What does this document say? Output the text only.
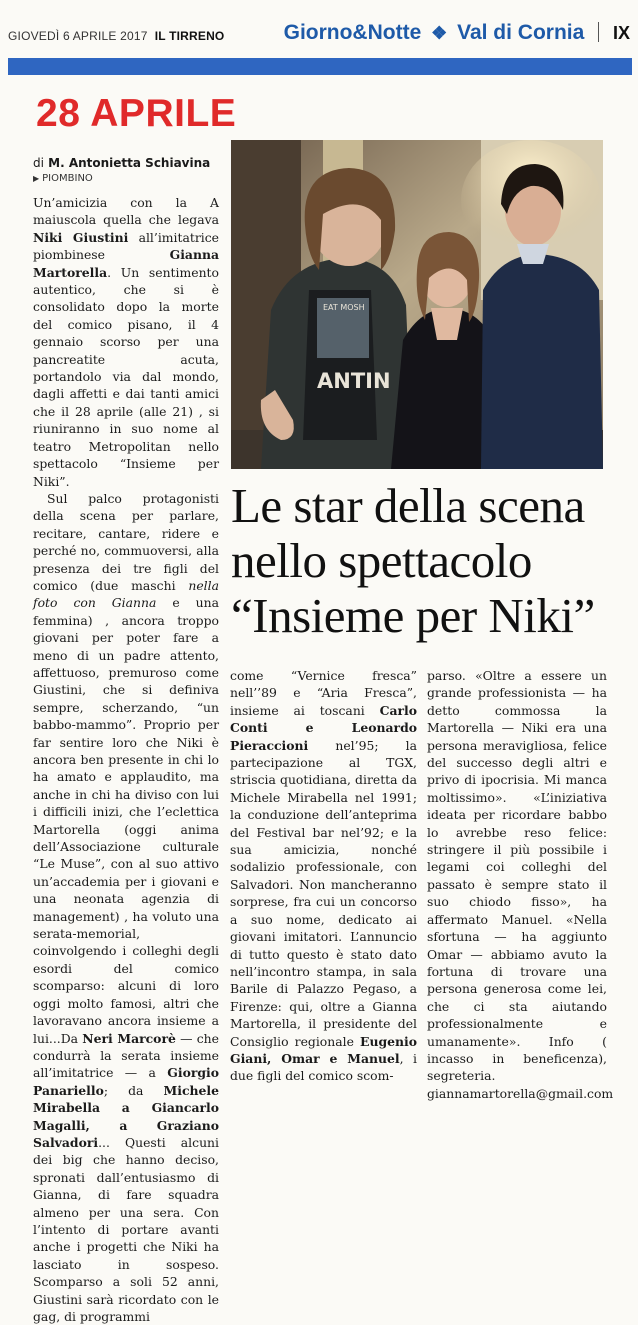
GIOVEDÌ 6 APRILE 2017 IL TIRRENO	Giorno&Notte ❖ Val di Cornia IX
28 APRILE
di M. Antonietta Schiavina
▶ PIOMBINO

Un’amicizia con la A maiuscola quella che legava Niki Giustini all’imitatrice piombinese Gianna Martorella. Un sentimento autentico, che si è consolidato dopo la morte del comico pisano, il 4 gennaio scorso per una pancreatite acuta, portandolo via dal mondo, dagli affetti e dai tanti amici che il 28 aprile (alle 21) , si riuniranno in suo nome al teatro Metropolitan nello spettacolo “Insieme per Niki”.

Sul palco protagonisti della scena per parlare, recitare, cantare, ridere e perché no, commuoversi, alla presenza dei tre figli del comico (due maschi nella foto con Gianna e una femmina) , ancora troppo giovani per poter fare a meno di un padre attento, affettuoso, premuroso come Giustini, che si definiva sempre, scherzando, “un babbo-mammo”. Proprio per far sentire loro che Niki è ancora ben presente in chi lo ha amato e applaudito, ma anche in chi ha diviso con lui i difficili inizi, che l’eclettica Martorella (oggi anima dell’Associazione culturale “Le Muse”, con al suo attivo un’accademia per i giovani e una neonata agenzia di management) , ha voluto una serata-memorial, coinvolgendo i colleghi degli esordi del comico scomparso: alcuni di loro oggi molto famosi, altri che lavoravano ancora insieme a lui...Da Neri Marcorè — che condurrà la serata insieme all’imitatrice — a Giorgio Panariello; da Michele Mirabella a Giancarlo Magalli, a Graziano Salvadori... Questi alcuni dei big che hanno deciso, spronati dall’entusiasmo di Gianna, di fare squadra almeno per una sera. Con l’intento di portare avanti anche i progetti che Niki ha lasciato in sospeso. Scomparso a soli 52 anni, Giustini sarà ricordato con le gag, di programmi

EAT MOSH
ANTIN
Le star della scena
nello spettacolo
“Insieme per Niki”

come “Vernice fresca” nell’’89 e “Aria Fresca”, insieme ai toscani Carlo Conti e Leonardo Pieraccioni nel’95; la partecipazione al TGX, striscia quotidiana, diretta da Michele Mirabella nel 1991; la conduzione dell’anteprima del Festival bar nel’92; e la sua amicizia, nonché sodalizio professionale, con Salvadori. Non mancheranno sorprese, fra cui un concorso a suo nome, dedicato ai giovani imitatori. L’annuncio di tutto questo è stato dato nell’incontro stampa, in sala Barile di Palazzo Pegaso, a Firenze: qui, oltre a Gianna Martorella, il presidente del Consiglio regionale Eugenio Giani, Omar e Manuel, i due figli del comico scom-

parso. «Oltre a essere un grande professionista — ha detto commossa la Martorella — Niki era una persona meravigliosa, felice del successo degli altri e privo di ipocrisia. Mi manca moltissimo». «L’iniziativa ideata per ricordare babbo lo avrebbe reso felice: stringere il più possibile i legami coi colleghi del passato è sempre stato il suo chiodo fisso», ha affermato Manuel. «Nella sfortuna — ha aggiunto Omar — abbiamo avuto la fortuna di trovare una persona generosa come lei, che ci sta aiutando professionalmente e umanamente». Info ( incasso in beneficenza), segreteria. giannamartorella@gmail.com
